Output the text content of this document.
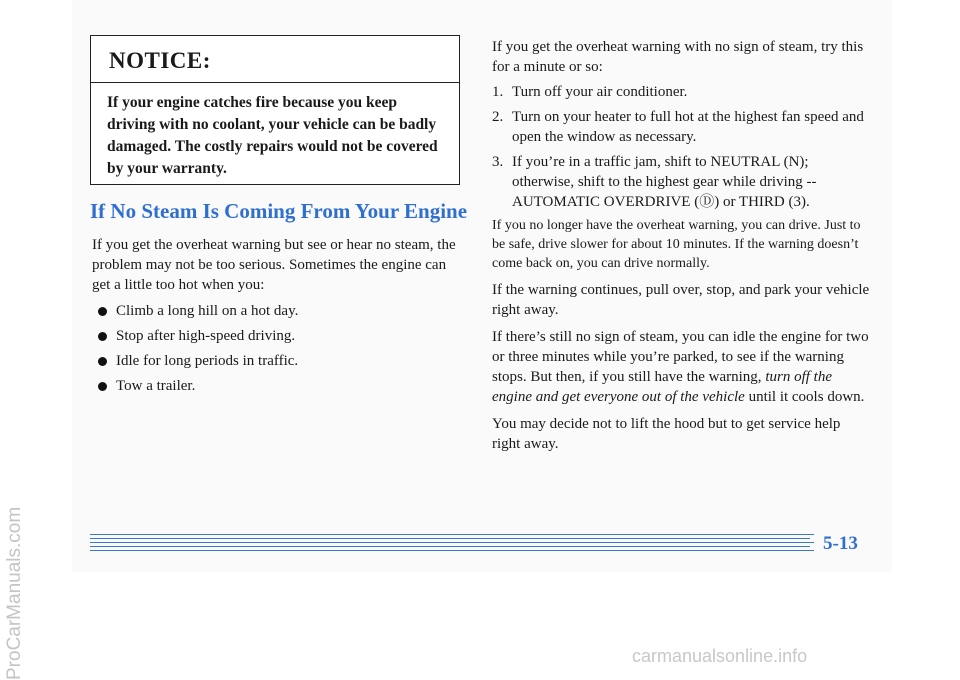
NOTICE:
If your engine catches fire because you keep driving with no coolant, your vehicle can be badly damaged. The costly repairs would not be covered by your warranty.
If No Steam Is Coming From Your Engine

If you get the overheat warning but see or hear no steam, the problem may not be too serious. Sometimes the engine can get a little too hot when you:

Climb a long hill on a hot day.
Stop after high-speed driving.
Idle for long periods in traffic.
Tow a trailer.

If you get the overheat warning with no sign of steam, try this for a minute or so:

1. Turn off your air conditioner.
2. Turn on your heater to full hot at the highest fan speed and open the window as necessary.
3. If you’re in a traffic jam, shift to NEUTRAL (N); otherwise, shift to the highest gear while driving -- AUTOMATIC OVERDRIVE (Ⓓ) or THIRD (3).

If you no longer have the overheat warning, you can drive. Just to be safe, drive slower for about 10 minutes. If the warning doesn’t come back on, you can drive normally.

If the warning continues, pull over, stop, and park your vehicle right away.

If there’s still no sign of steam, you can idle the engine for two or three minutes while you’re parked, to see if the warning stops. But then, if you still have the warning, turn off the engine and get everyone out of the vehicle until it cools down.

You may decide not to lift the hood but to get service help right away.

5-13
ProCarManuals.com	carmanualsonline.info
